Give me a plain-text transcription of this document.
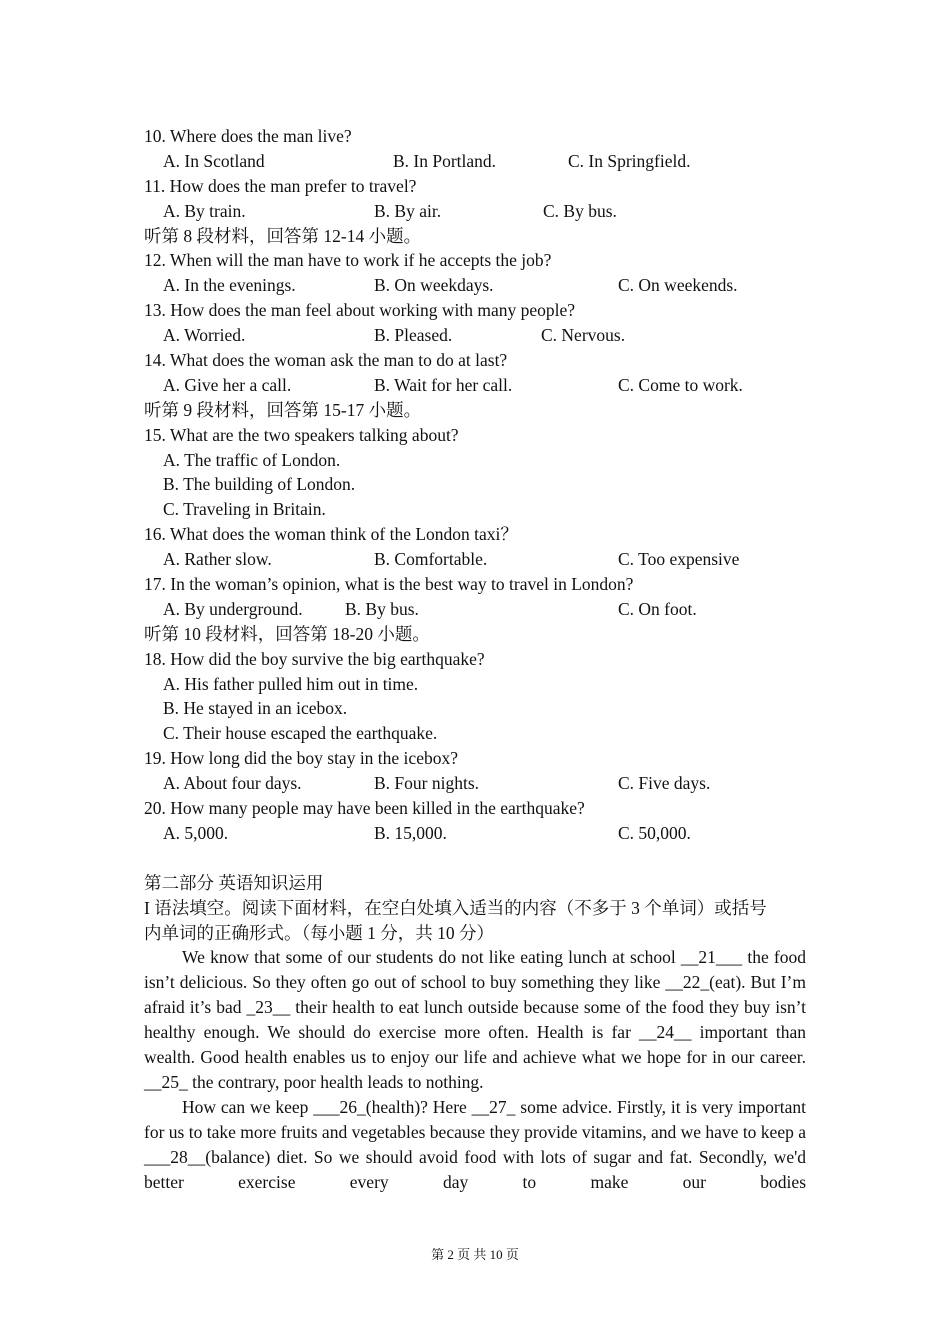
10. Where does the man live?
A. In Scotland	B. In Portland.	C. In Springfield.
11. How does the man prefer to travel?
A. By train.	B. By air.	C. By bus.
听第 8 段材料，回答第 12-14 小题。
12. When will the man have to work if he accepts the job?
A. In the evenings.	B. On weekdays.	C. On weekends.
13. How does the man feel about working with many people?
A. Worried.	B. Pleased.	C. Nervous.
14. What does the woman ask the man to do at last?
A. Give her a call.	B. Wait for her call.	C. Come to work.
听第 9 段材料，回答第 15-17 小题。
15. What are the two speakers talking about?
A. The traffic of London.
B. The building of London.
C. Traveling in Britain.
16. What does the woman think of the London taxi？
A. Rather slow.	B. Comfortable.	C. Too expensive
17. In the woman’s opinion, what is the best way to travel in London?
A. By underground. B. By bus.	C. On foot.
听第 10 段材料，回答第 18-20 小题。
18. How did the boy survive the big earthquake?
A. His father pulled him out in time.
B. He stayed in an icebox.
C. Their house escaped the earthquake.
19. How long did the boy stay in the icebox?
A. About four days.	B. Four nights.	C. Five days.
20. How many people may have been killed in the earthquake?
A. 5,000.	B. 15,000.	C. 50,000.
第二部分 英语知识运用
I 语法填空。阅读下面材料，在空白处填入适当的内容（不多于 3 个单词）或括号
内单词的正确形式。（每小题 1 分，共 10 分）

We know that some of our students do not like eating lunch at school __21___ the food isn’t delicious. So they often go out of school to buy something they like __22_(eat). But I’m afraid it’s bad _23__ their health to eat lunch outside because some of the food they buy isn’t healthy enough. We should do exercise more often. Health is far __24__ important than wealth. Good health enables us to enjoy our life and achieve what we hope for in our career. __25_ the contrary, poor health leads to nothing.

How can we keep ___26_(health)? Here __27_ some advice. Firstly, it is very important for us to take more fruits and vegetables because they provide vitamins, and we have to keep a ___28__(balance) diet. So we should avoid food with lots of sugar and fat. Secondly, we'd better exercise every day to make our bodies

第 2 页 共 10 页
